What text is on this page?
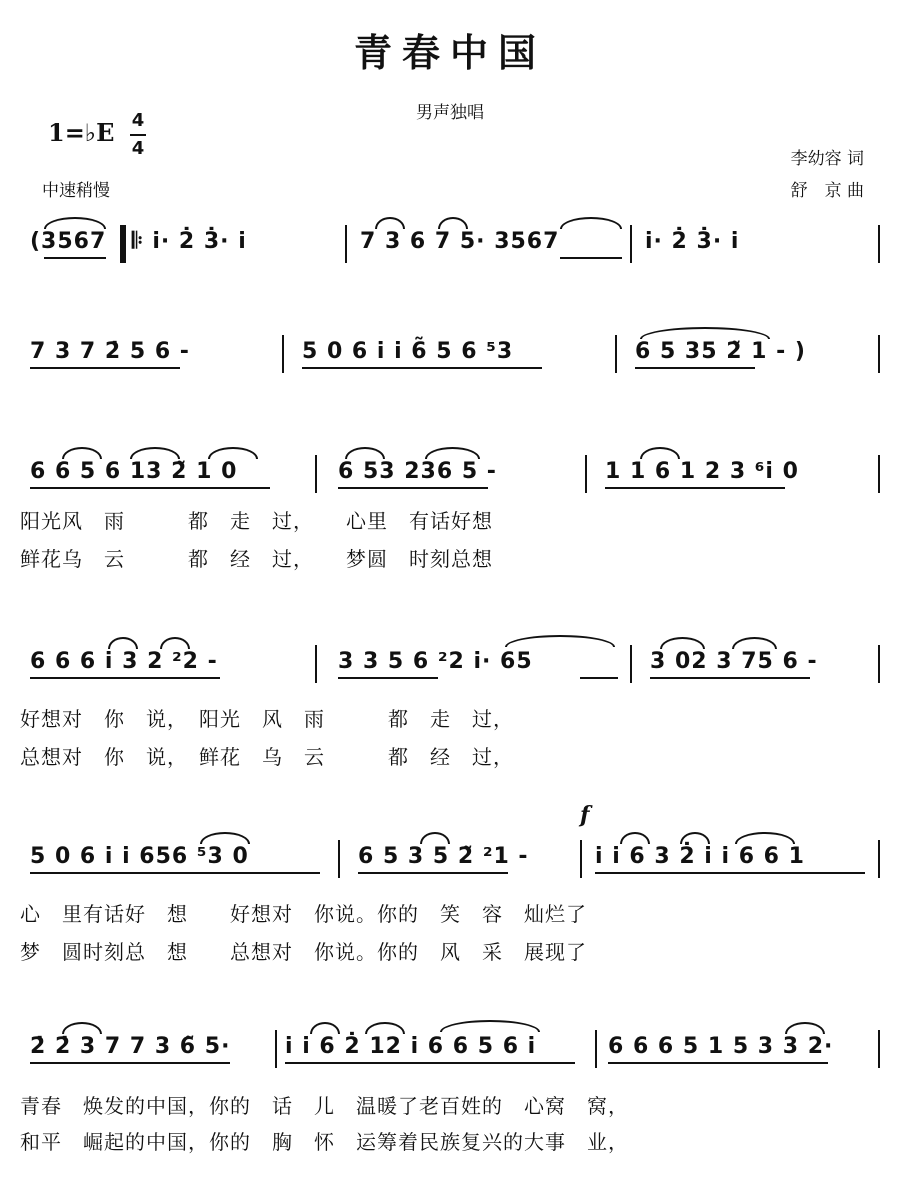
青春中国
男声独唱
1=♭E 4
4
中速稍慢
李幼容 词
舒　京 曲
(3567 𝄆 i· 2̇ 3̇· i	7 3 6 7 5· 3567	i· 2̇ 3̇· i
7 3 7 2̇ 5 6 -	5 0 6 i i 6̃ 5 6 ⁵3	6 5 35 2̃ 1 - )
6 6 5 6 13 2̃ 1 0	6 53 236 5 -	1 1 6 1 2 3 ⁶i 0
阳光风　雨　　　都　走　过，　　心里　有话好想
鲜花乌　云　　　都　经　过，　　梦圆　时刻总想
6 6 6 i 3 2 ²2 -	3 3 5 6 ²2 i· 65	3 02 3 75 6 -
好想对　你　说，　阳光　风　雨　　　都　走　过，
总想对　你　说，　鲜花　乌　云　　　都　经　过，
f
5 0 6 i i 656 ⁵3 0	6 5 3 5 2̃ ²1 -	i i 6 3 2̇ i i 6 6 1
心　里有话好　想　　好想对　你说。你的　笑　容　灿烂了
梦　圆时刻总　想　　总想对　你说。你的　风　采　展现了
2̇ 2̇ 3 7 7 3 6̃ 5· i i 6 2̇ 12 i 6 6 5 6 i	6 6 6 5 1 5 3 3 2·
青春　焕发的中国，你的　话　儿　温暖了老百姓的　心窝　窝，
和平　崛起的中国，你的　胸　怀　运筹着民族复兴的大事　业，
